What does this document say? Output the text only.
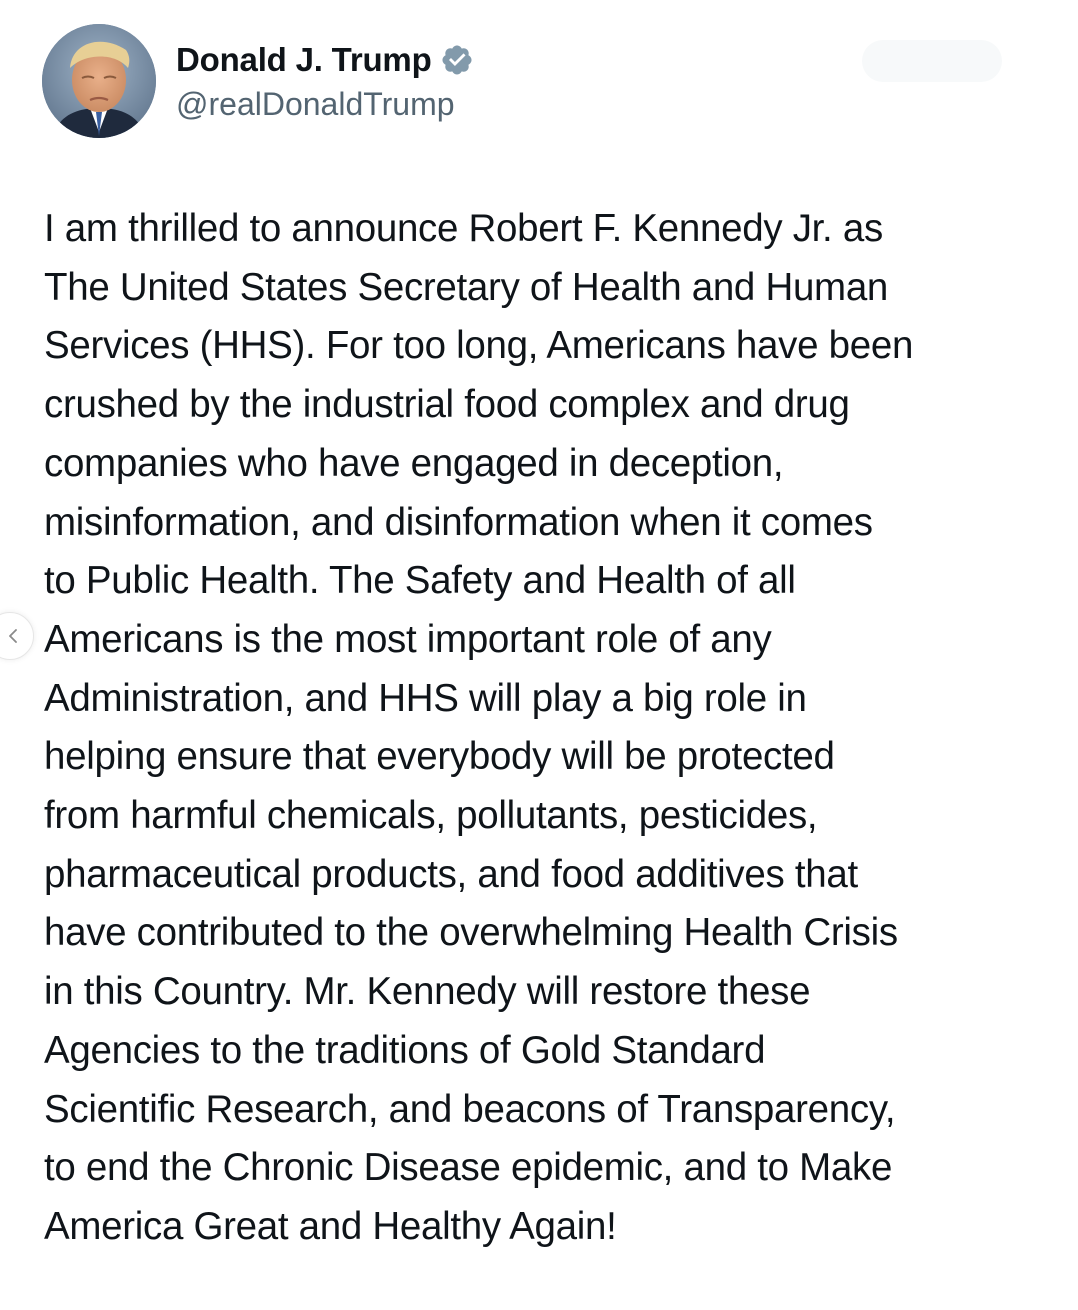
Donald J. Trump
@realDonaldTrump

I am thrilled to announce Robert F. Kennedy Jr. as
The United States Secretary of Health and Human
Services (HHS). For too long, Americans have been
crushed by the industrial food complex and drug
companies who have engaged in deception,
misinformation, and disinformation when it comes
to Public Health. The Safety and Health of all
Americans is the most important role of any
Administration, and HHS will play a big role in
helping ensure that everybody will be protected
from harmful chemicals, pollutants, pesticides,
pharmaceutical products, and food additives that
have contributed to the overwhelming Health Crisis
in this Country. Mr. Kennedy will restore these
Agencies to the traditions of Gold Standard
Scientific Research, and beacons of Transparency,
to end the Chronic Disease epidemic, and to Make
America Great and Healthy Again!
